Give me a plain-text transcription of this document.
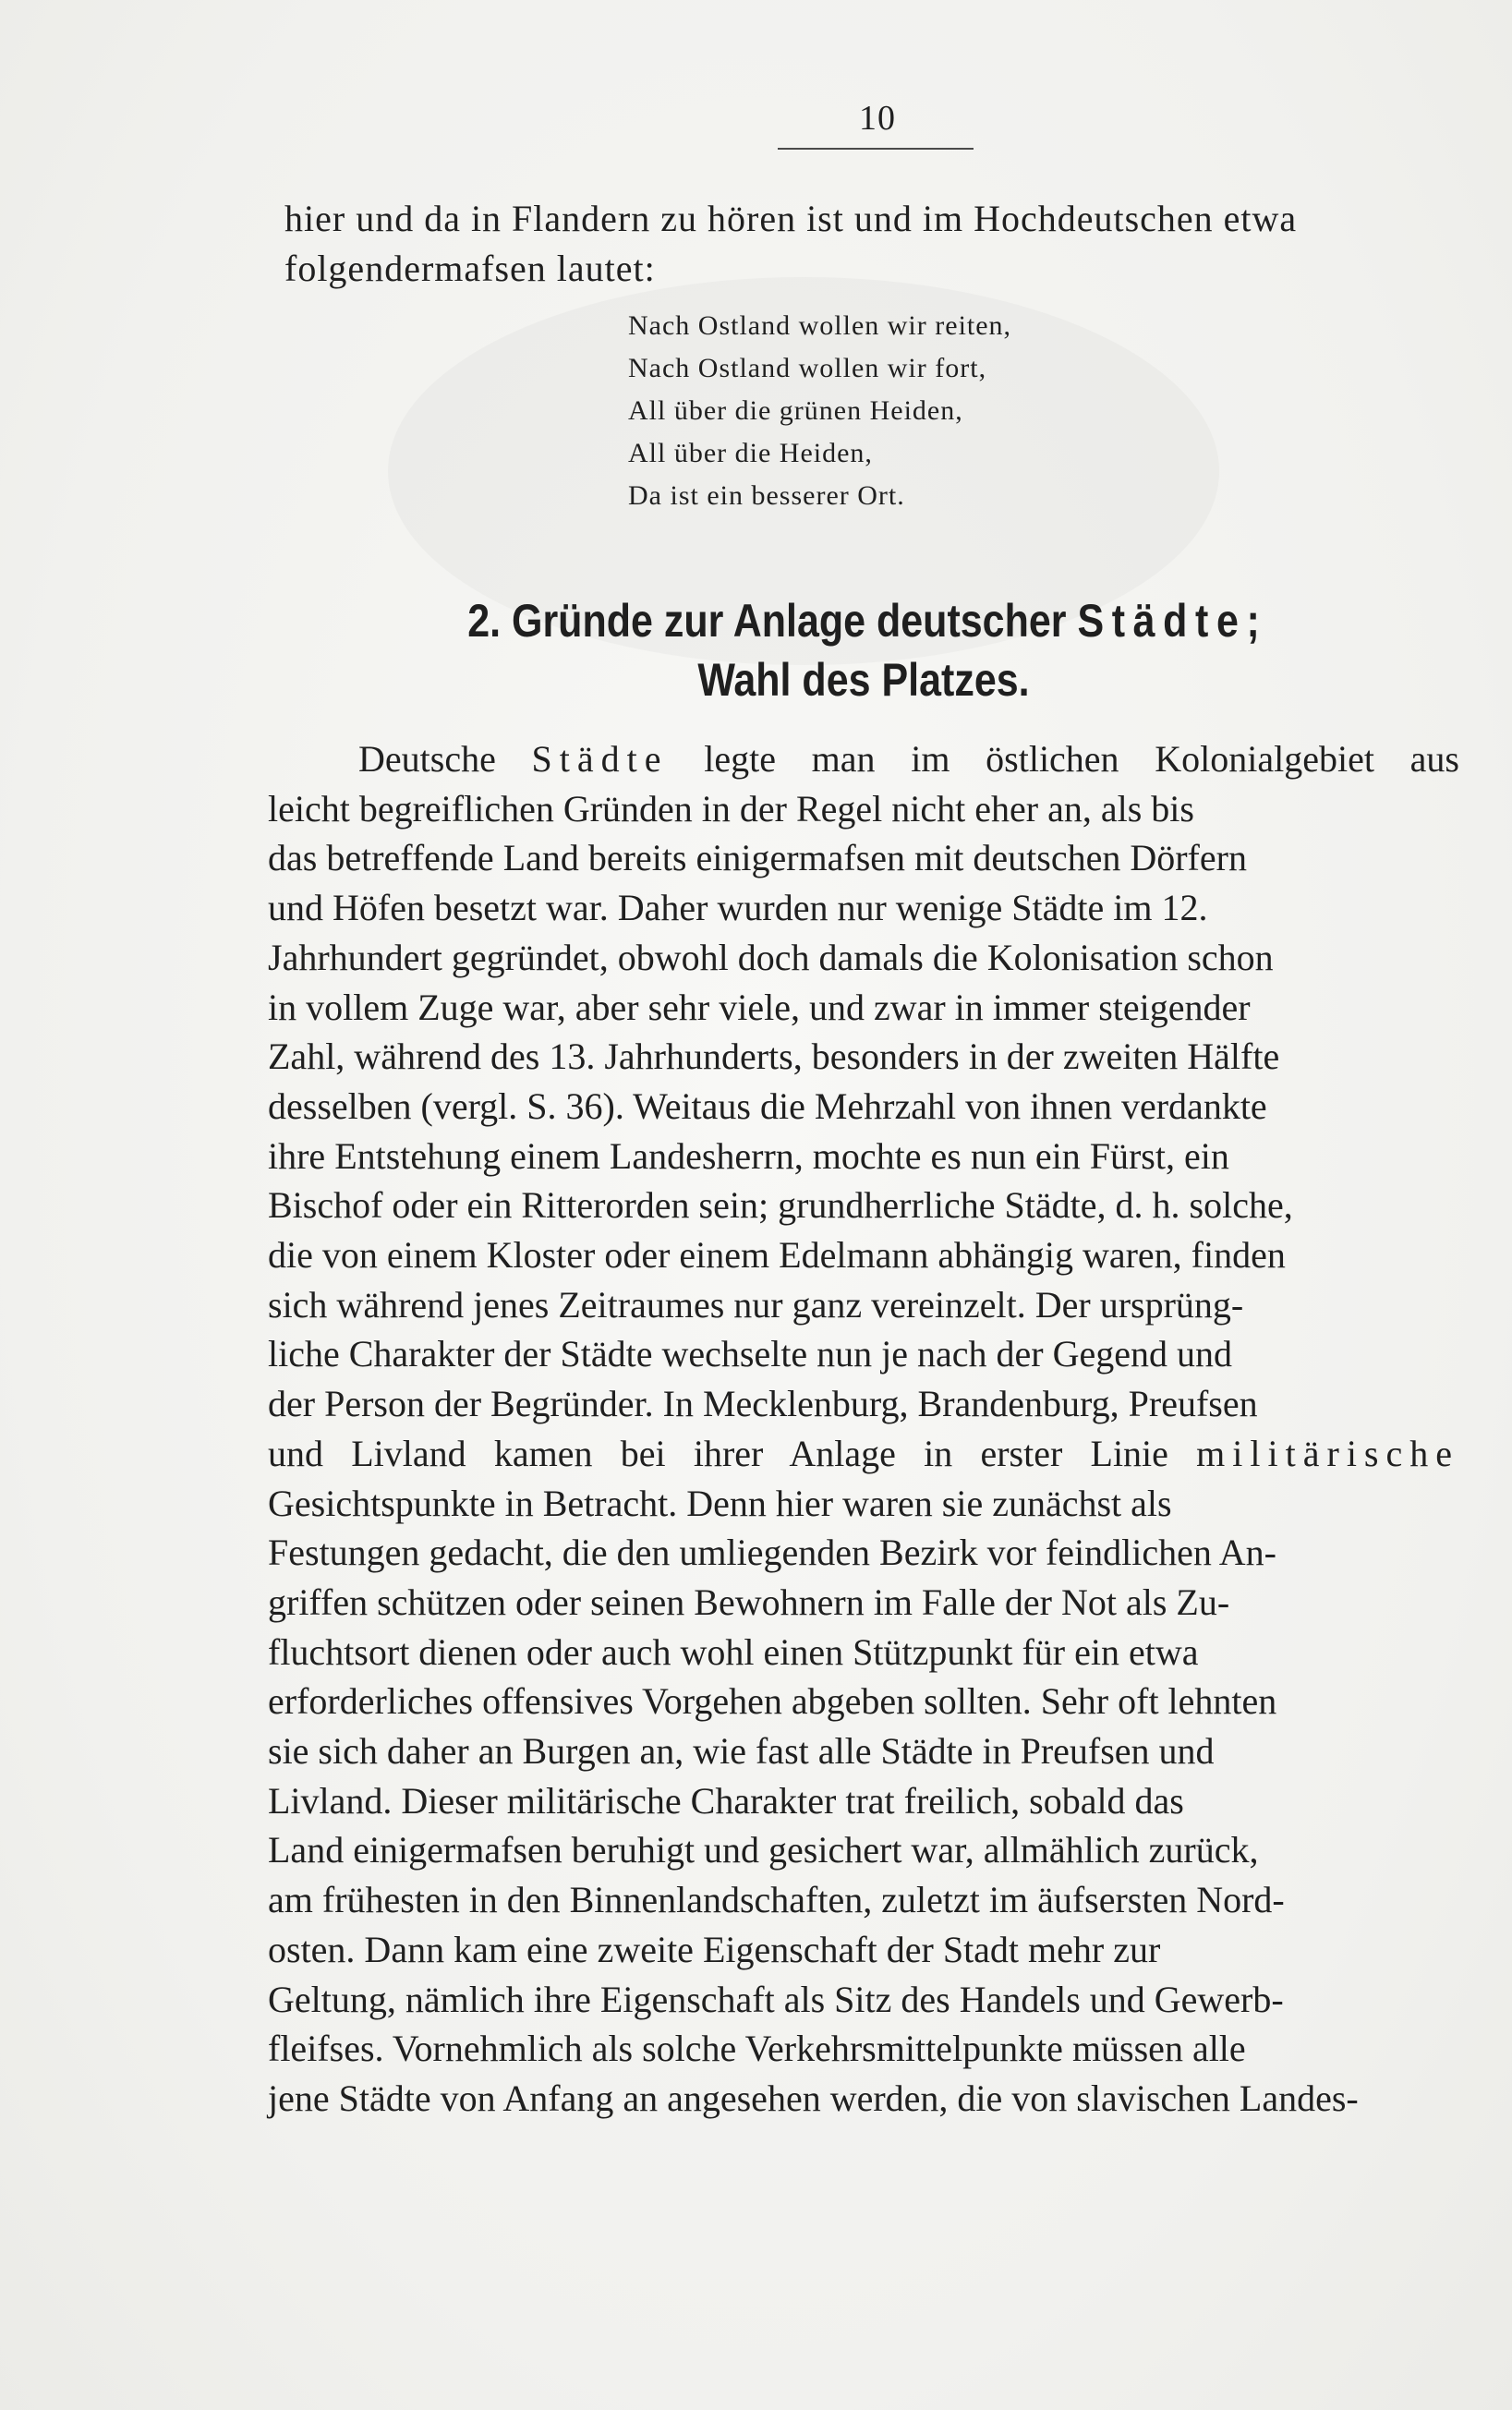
10
hier und da in Flandern zu hören ist und im Hochdeutschen etwa
folgendermafsen lautet:
Nach Ostland wollen wir reiten,
Nach Ostland wollen wir fort,
All über die grünen Heiden,
All über die Heiden,
Da ist ein besserer Ort.
2. Gründe zur Anlage deutscher Städte;
Wahl des Platzes.
Deutsche Städte legte man im östlichen Kolonialgebiet aus
leicht begreiflichen Gründen in der Regel nicht eher an, als bis
das betreffende Land bereits einigermafsen mit deutschen Dörfern
und Höfen besetzt war. Daher wurden nur wenige Städte im 12.
Jahrhundert gegründet, obwohl doch damals die Kolonisation schon
in vollem Zuge war, aber sehr viele, und zwar in immer steigender
Zahl, während des 13. Jahrhunderts, besonders in der zweiten Hälfte
desselben (vergl. S. 36). Weitaus die Mehrzahl von ihnen verdankte
ihre Entstehung einem Landesherrn, mochte es nun ein Fürst, ein
Bischof oder ein Ritterorden sein; grundherrliche Städte, d. h. solche,
die von einem Kloster oder einem Edelmann abhängig waren, finden
sich während jenes Zeitraumes nur ganz vereinzelt. Der ursprüng-
liche Charakter der Städte wechselte nun je nach der Gegend und
der Person der Begründer. In Mecklenburg, Brandenburg, Preufsen
und Livland kamen bei ihrer Anlage in erster Linie militärische
Gesichtspunkte in Betracht. Denn hier waren sie zunächst als
Festungen gedacht, die den umliegenden Bezirk vor feindlichen An-
griffen schützen oder seinen Bewohnern im Falle der Not als Zu-
fluchtsort dienen oder auch wohl einen Stützpunkt für ein etwa
erforderliches offensives Vorgehen abgeben sollten. Sehr oft lehnten
sie sich daher an Burgen an, wie fast alle Städte in Preufsen und
Livland. Dieser militärische Charakter trat freilich, sobald das
Land einigermafsen beruhigt und gesichert war, allmählich zurück,
am frühesten in den Binnenlandschaften, zuletzt im äufsersten Nord-
osten. Dann kam eine zweite Eigenschaft der Stadt mehr zur
Geltung, nämlich ihre Eigenschaft als Sitz des Handels und Gewerb-
fleifses. Vornehmlich als solche Verkehrsmittelpunkte müssen alle
jene Städte von Anfang an angesehen werden, die von slavischen Landes-
